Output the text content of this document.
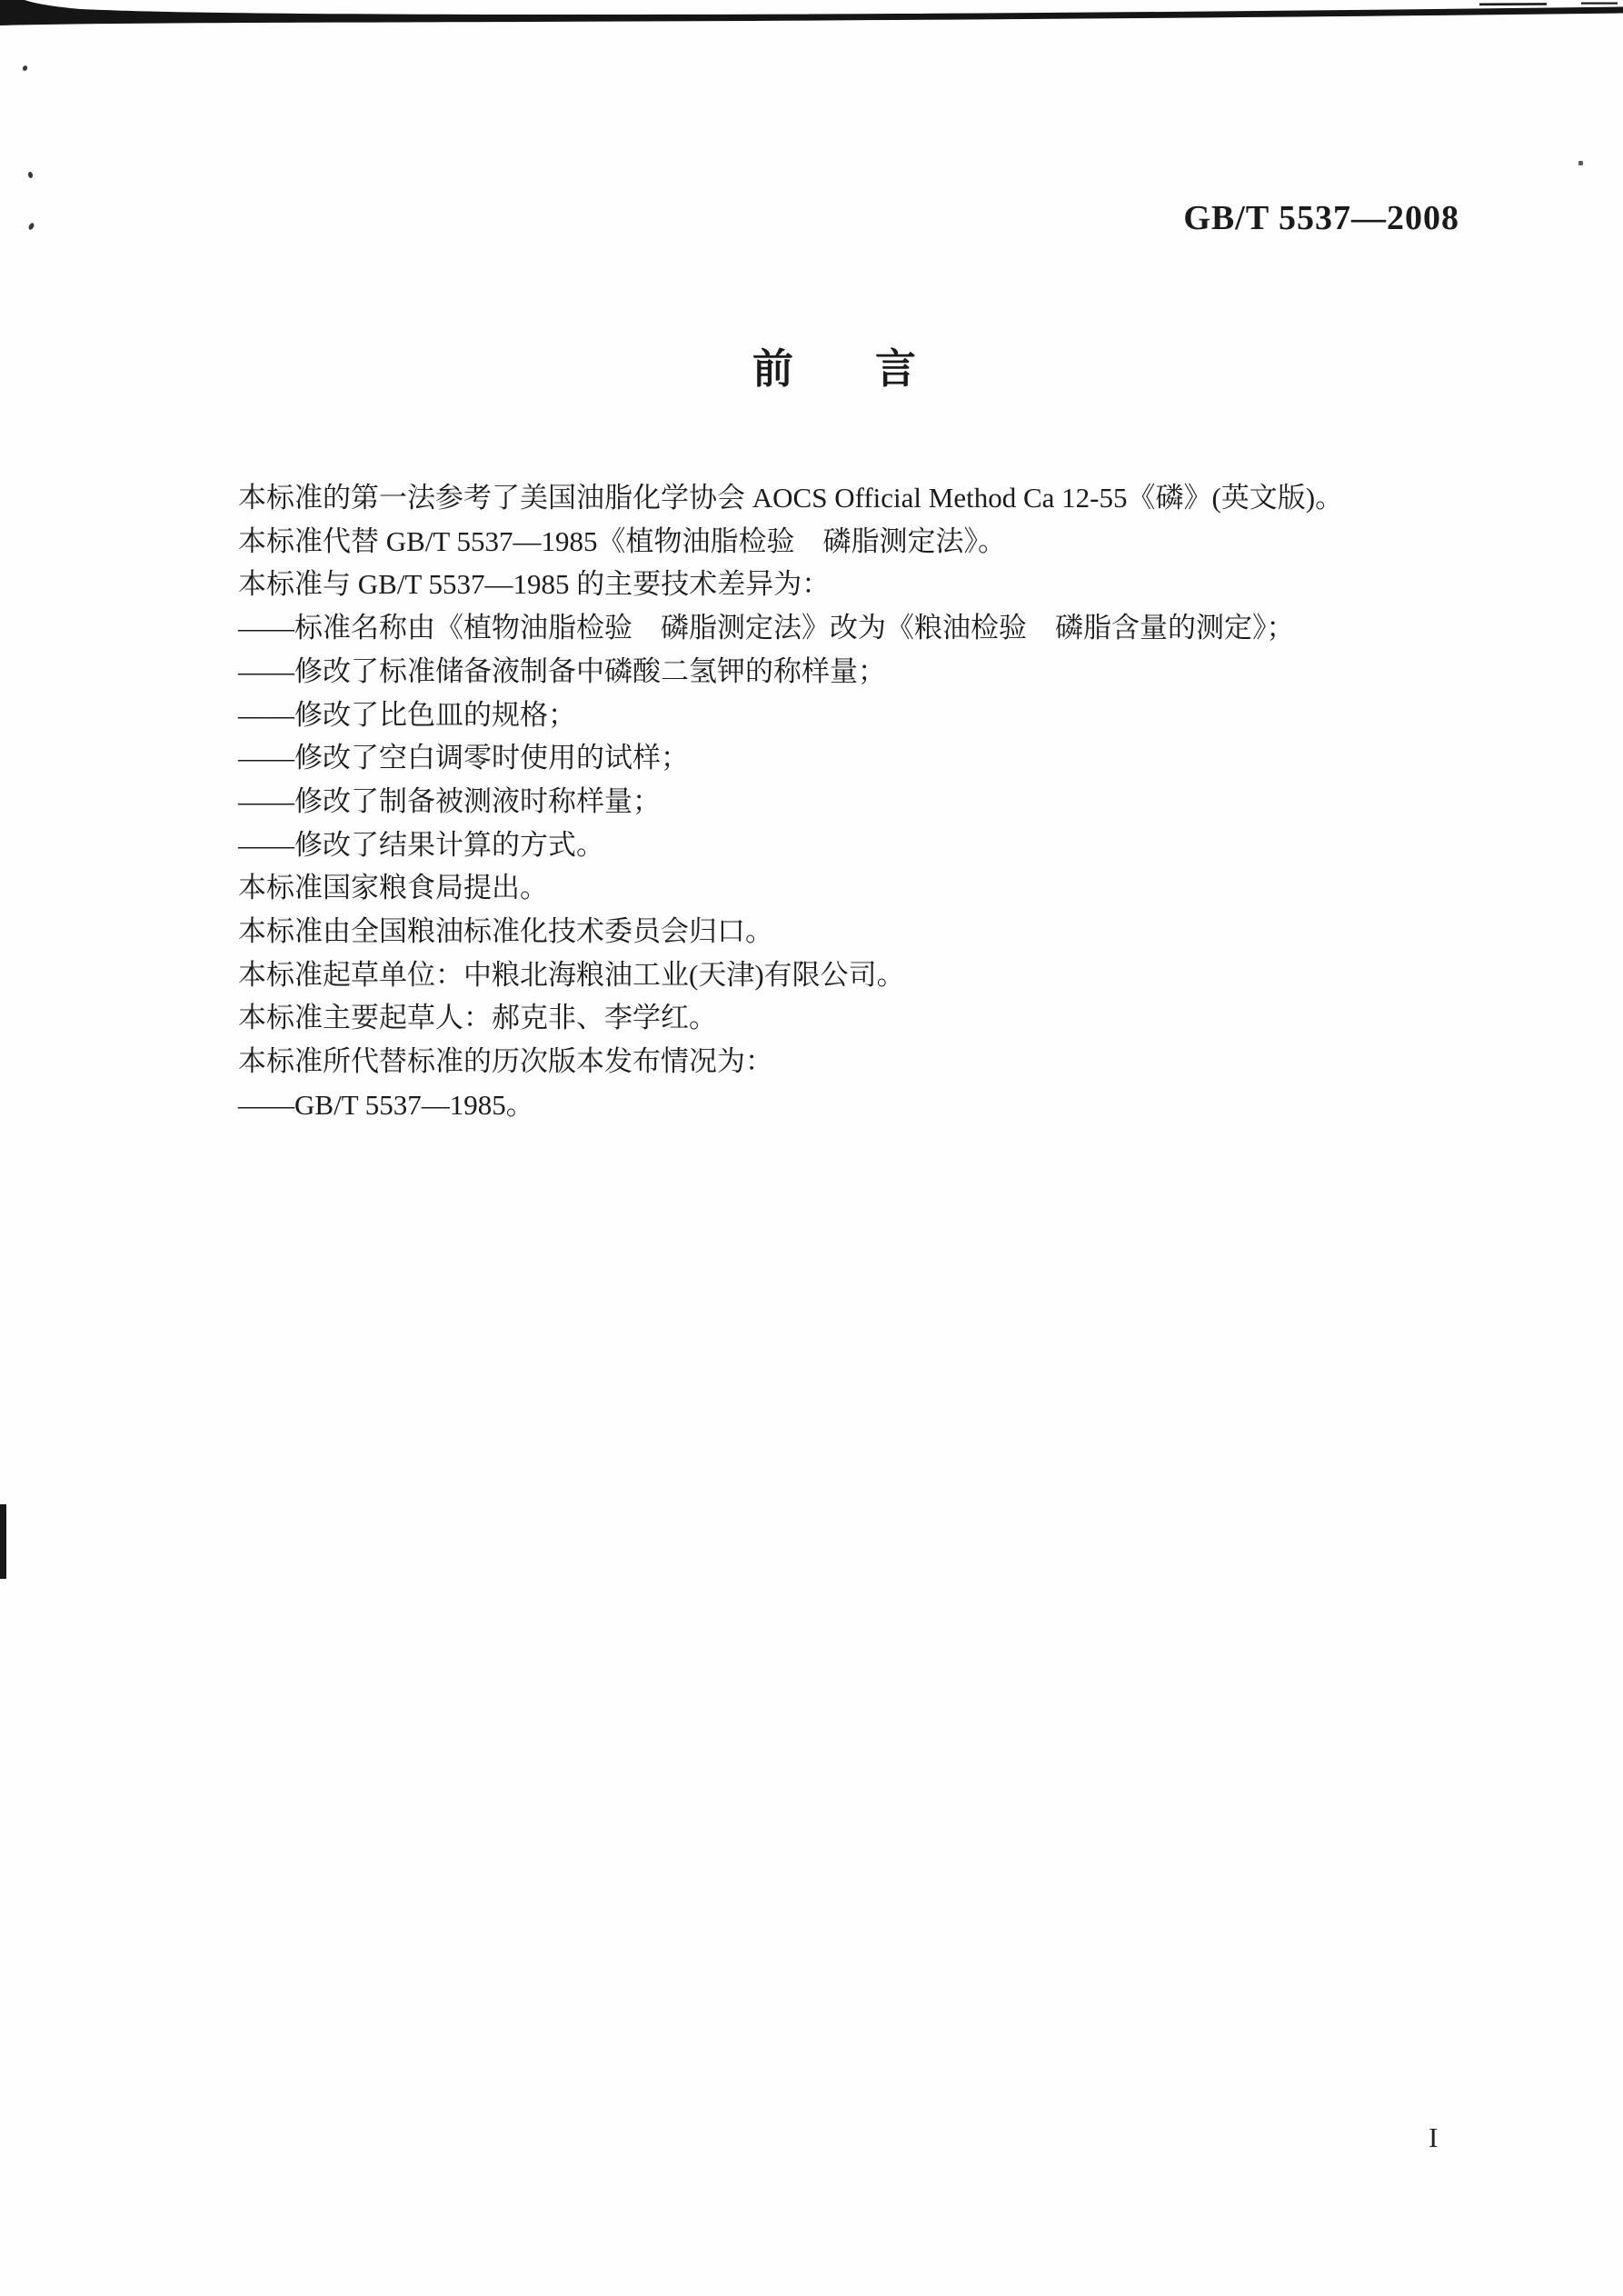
GB/T 5537—2008
前　　言

本标准的第一法参考了美国油脂化学协会 AOCS Official Method Ca 12-55《磷》(英文版)。

本标准代替 GB/T 5537—1985《植物油脂检验　磷脂测定法》。

本标准与 GB/T 5537—1985 的主要技术差异为：

——标准名称由《植物油脂检验　磷脂测定法》改为《粮油检验　磷脂含量的测定》；

——修改了标准储备液制备中磷酸二氢钾的称样量；

——修改了比色皿的规格；

——修改了空白调零时使用的试样；

——修改了制备被测液时称样量；

——修改了结果计算的方式。

本标准国家粮食局提出。

本标准由全国粮油标准化技术委员会归口。

本标准起草单位：中粮北海粮油工业(天津)有限公司。

本标准主要起草人：郝克非、李学红。

本标准所代替标准的历次版本发布情况为：

——GB/T 5537—1985。

I
